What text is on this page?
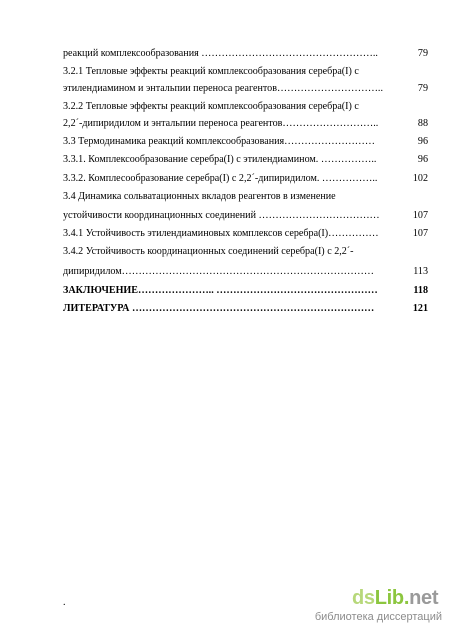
реакций комплексообразования ……………………………………………..	79
3.2.1 Тепловые эффекты реакций комплексообразования серебра(I) с
этилендиамином и энтальпии переноса реагентов…………………………..	79
3.2.2 Тепловые эффекты реакций комплексообразования серебра(I) с
2,2´-дипиридилом и энтальпии переноса реагентов………………………..	88
3.3 Термодинамика реакций комплексообразования………………………	96
3.3.1. Комплексообразование серебра(I) с этилендиамином. ……………..	96
3.3.2. Комплесообразование серебра(I) с 2,2´-дипиридилом. ……………..	102
3.4 Динамика сольватационных вкладов реагентов в изменение
устойчивости координационных соединений ………………………………	107
3.4.1 Устойчивость этилендиаминовых комплексов серебра(I)……………	107
3.4.2 Устойчивость координационных соединений серебра(I) с 2,2´-
дипиридилом…………………………………………………………………	113
ЗАКЛЮЧЕНИЕ………………….. …………………………………………	118
ЛИТЕРАТУРА ………………………………………………………………	121
.	dsLib.net
библиотека диссертаций
